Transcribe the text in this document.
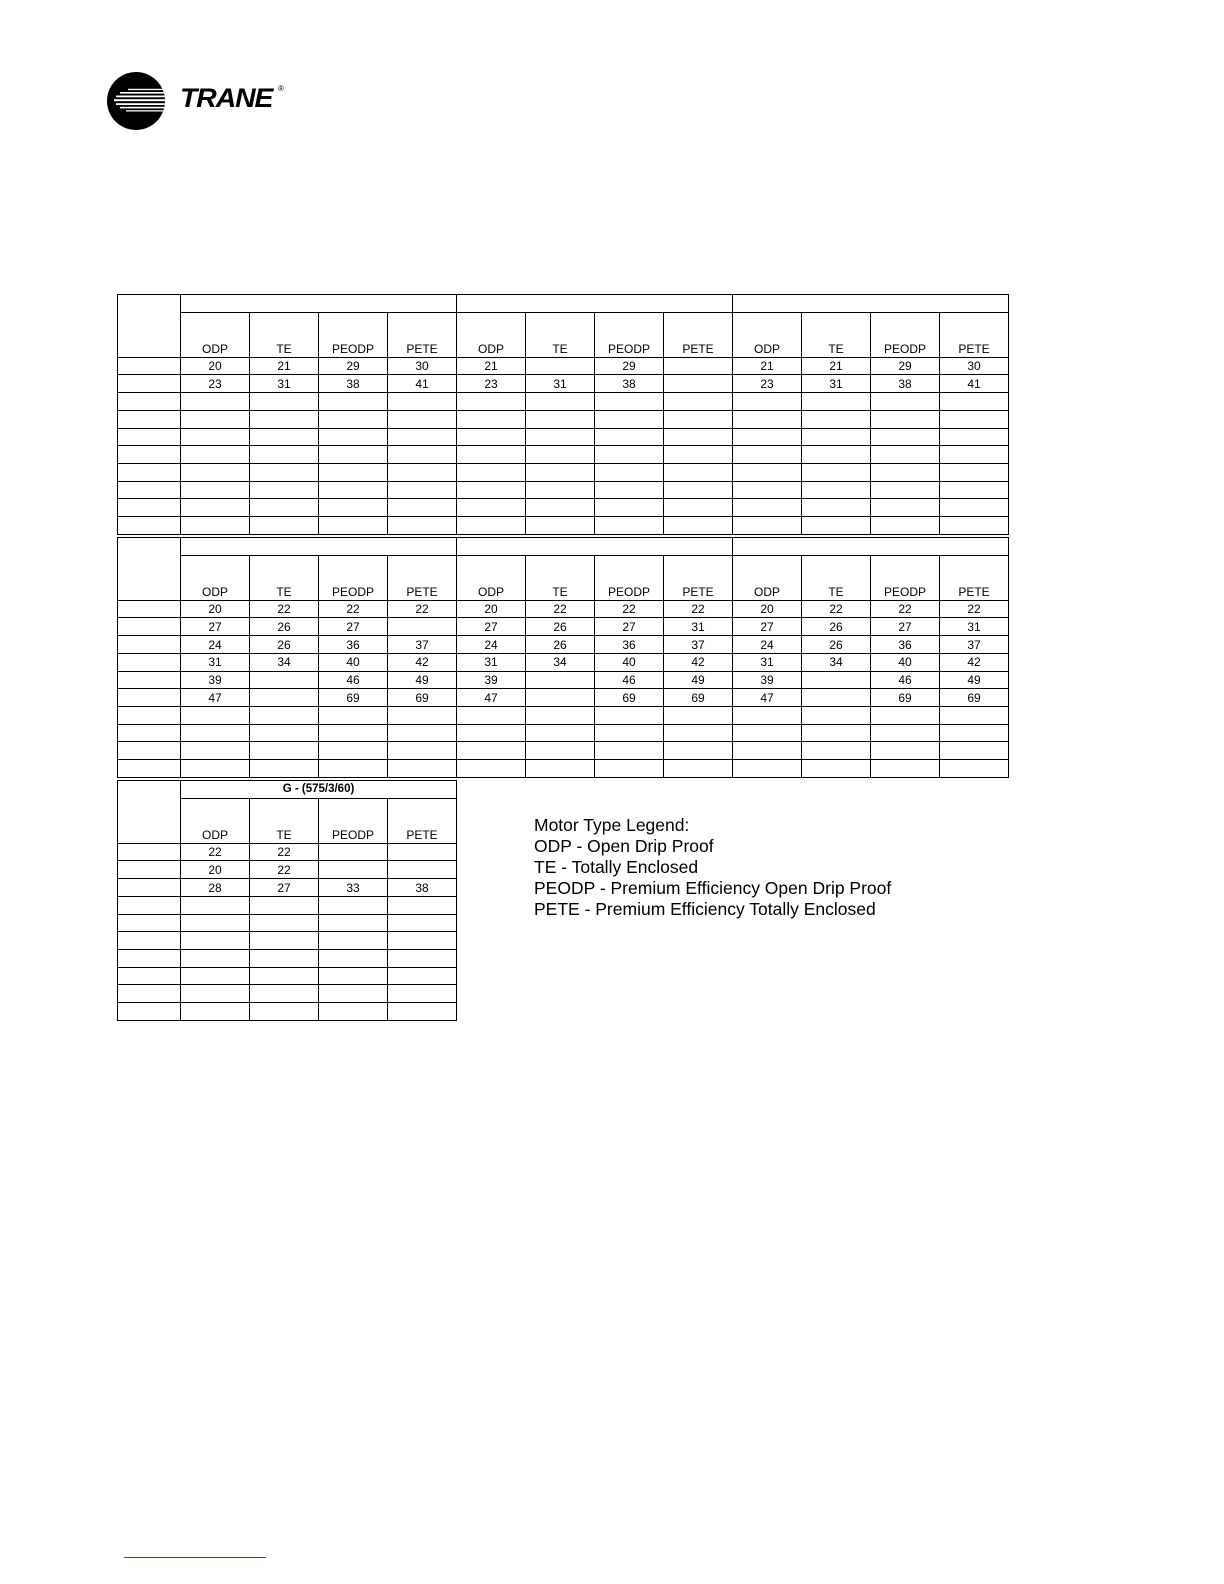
TRANE ®

	ODP	TE	PEODP	PETE	ODP	TE	PEODP	PETE	ODP	TE	PEODP	PETE
	20	21	29	30	21		29		21	21	29	30
	23	31	38	41	23	31	38		23	31	38	41

	ODP	TE	PEODP	PETE	ODP	TE	PEODP	PETE	ODP	TE	PEODP	PETE
	20	22	22	22	20	22	22	22	20	22	22	22
	27	26	27		27	26	27	31	27	26	27	31
	24	26	36	37	24	26	36	37	24	26	36	37
	31	34	40	42	31	34	40	42	31	34	40	42
	39		46	49	39		46	49	39		46	49
	47		69	69	47		69	69	47		69	69

	G - (575/3/60)			
	ODP	TE	PEODP	PETE
	22	22		
	20	22		
	28	27	33	38

Motor Type Legend:
ODP - Open Drip Proof
TE - Totally Enclosed
PEODP - Premium Efficiency Open Drip Proof
PETE - Premium Efficiency Totally Enclosed
